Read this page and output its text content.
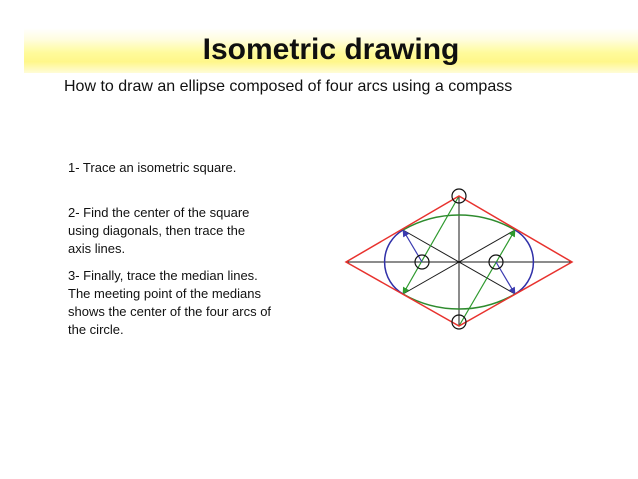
Isometric drawing
How to draw an ellipse composed of four arcs using a compass
1- Trace an isometric square.
2- Find the center of the square
using diagonals, then trace the
axis lines.
3- Finally, trace the median lines.
The meeting point of the medians
shows the center of the four arcs of
the circle.
